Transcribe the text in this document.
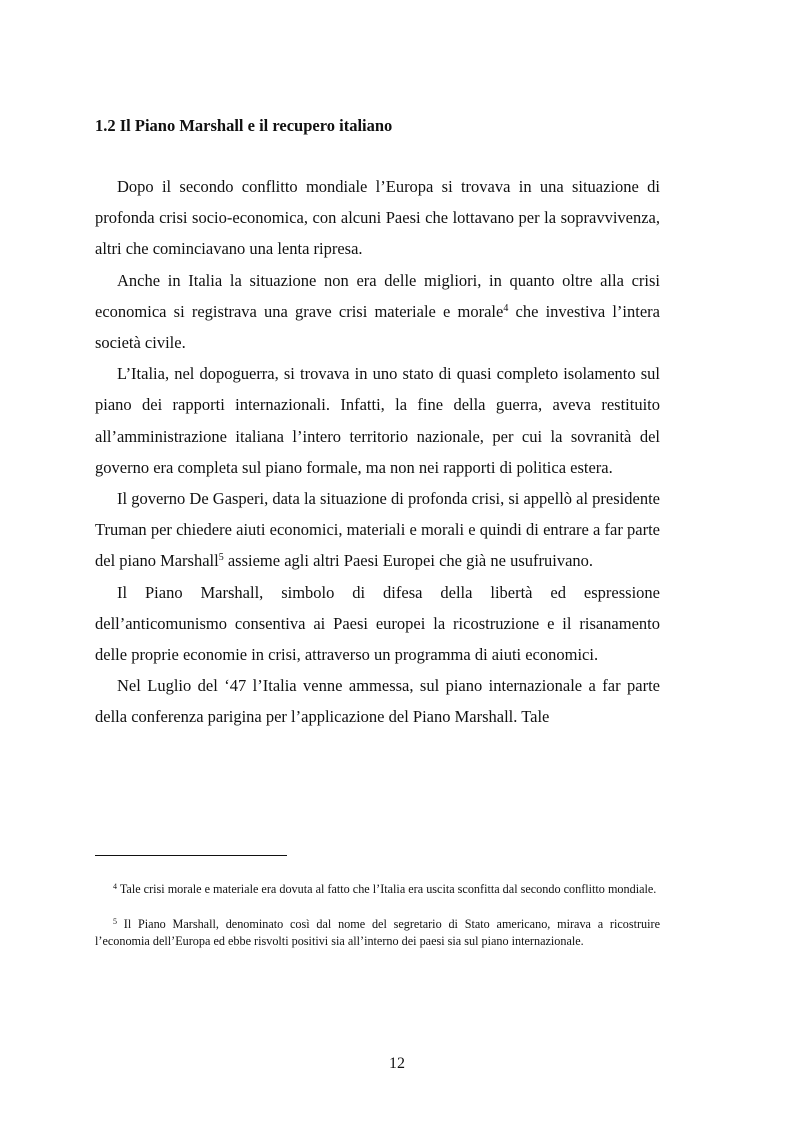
1.2 Il Piano Marshall e il recupero italiano

Dopo il secondo conflitto mondiale l’Europa si trovava in una situazione di profonda crisi socio-economica, con alcuni Paesi che lottavano per la sopravvivenza, altri che cominciavano una lenta ripresa.

Anche in Italia la situazione non era delle migliori, in quanto oltre alla crisi economica si registrava una grave crisi materiale e morale$^4$ che investiva l’intera società civile.

L’Italia, nel dopoguerra, si trovava in uno stato di quasi completo isolamento sul piano dei rapporti internazionali. Infatti, la fine della guerra, aveva restituito all’amministrazione italiana l’intero territorio nazionale, per cui la sovranità del governo era completa sul piano formale, ma non nei rapporti di politica estera.

Il governo De Gasperi, data la situazione di profonda crisi, si appellò al presidente Truman per chiedere aiuti economici, materiali e morali e quindi di entrare a far parte del piano Marshall$^5$ assieme agli altri Paesi Europei che già ne usufruivano.

Il Piano Marshall, simbolo di difesa della libertà ed espressione dell’anticomunismo consentiva ai Paesi europei la ricostruzione e il risanamento delle proprie economie in crisi, attraverso un programma di aiuti economici.

Nel Luglio del ‘47 l’Italia venne ammessa, sul piano internazionale a far parte della conferenza parigina per l’applicazione del Piano Marshall. Tale

$^4$ Tale crisi morale e materiale era dovuta al fatto che l’Italia era uscita sconfitta dal secondo conflitto mondiale.

$^5$ Il Piano Marshall, denominato così dal nome del segretario di Stato americano, mirava a ricostruire l’economia dell’Europa ed ebbe risvolti positivi sia all’interno dei paesi sia sul piano internazionale.

12
